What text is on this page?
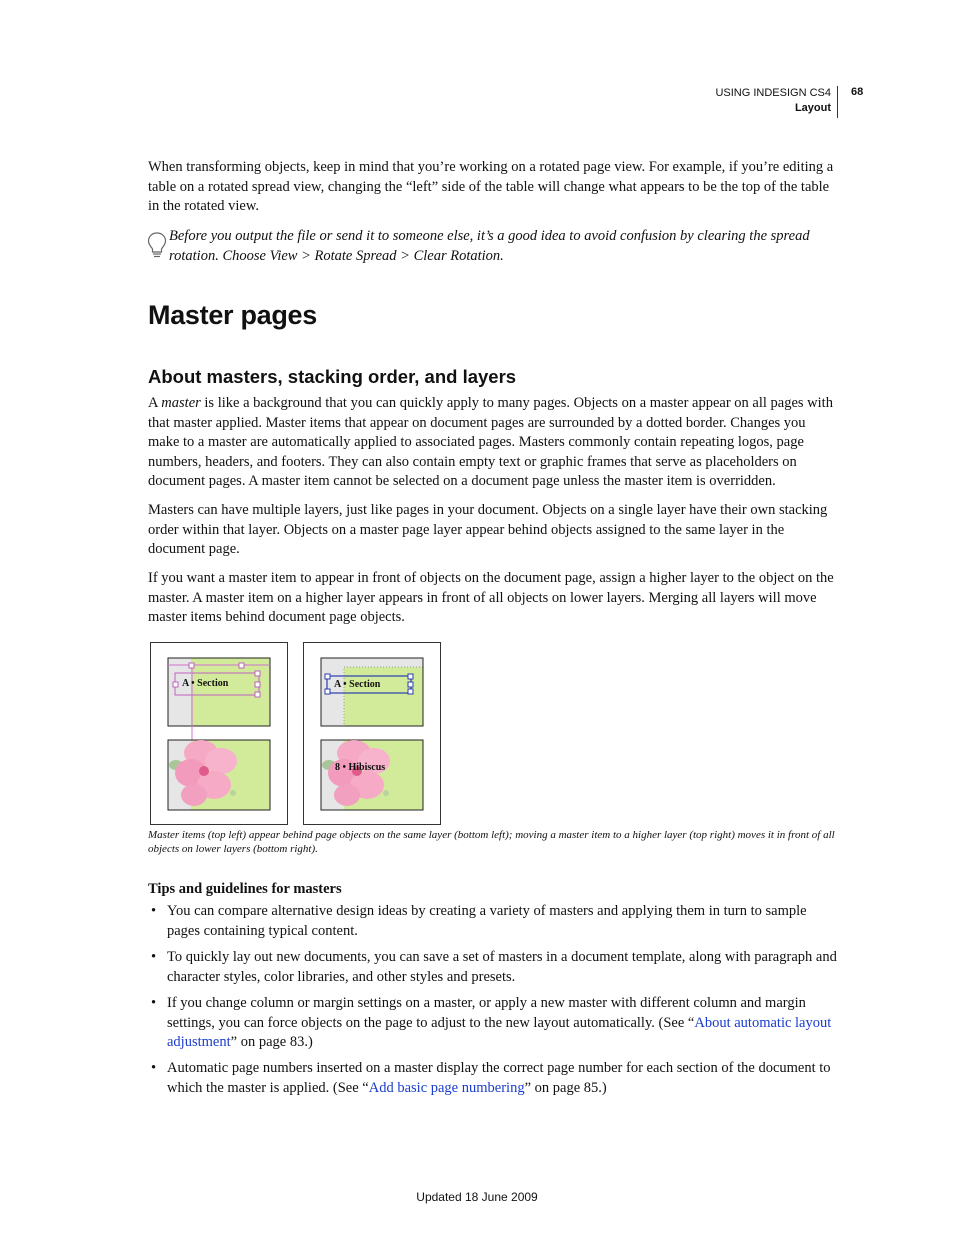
USING INDESIGN CS4
Layout
68

When transforming objects, keep in mind that you’re working on a rotated page view. For example, if you’re editing a table on a rotated spread view, changing the “left” side of the table will change what appears to be the top of the table in the rotated view.

Before you output the file or send it to someone else, it’s a good idea to avoid confusion by clearing the spread rotation. Choose View > Rotate Spread > Clear Rotation.
Master pages
About masters, stacking order, and layers

A master is like a background that you can quickly apply to many pages. Objects on a master appear on all pages with that master applied. Master items that appear on document pages are surrounded by a dotted border. Changes you make to a master are automatically applied to associated pages. Masters commonly contain repeating logos, page numbers, headers, and footers. They can also contain empty text or graphic frames that serve as placeholders on document pages. A master item cannot be selected on a document page unless the master item is overridden.

Masters can have multiple layers, just like pages in your document. Objects on a single layer have their own stacking order within that layer. Objects on a master page layer appear behind objects assigned to the same layer in the document page.

If you want a master item to appear in front of objects on the document page, assign a higher layer to the object on the master. A master item on a higher layer appears in front of all objects on lower layers. Merging all layers will move master items behind document page objects.

A • Section	A • Section
8 • Hibiscus
Master items (top left) appear behind page objects on the same layer (bottom left); moving a master item to a higher layer (top right) moves it in front of all objects on lower layers (bottom right).
Tips and guidelines for masters
• You can compare alternative design ideas by creating a variety of masters and applying them in turn to sample pages containing typical content.
• To quickly lay out new documents, you can save a set of masters in a document template, along with paragraph and character styles, color libraries, and other styles and presets.
• If you change column or margin settings on a master, or apply a new master with different column and margin settings, you can force objects on the page to adjust to the new layout automatically. (See “About automatic layout adjustment” on page 83.)
• Automatic page numbers inserted on a master display the correct page number for each section of the document to which the master is applied. (See “Add basic page numbering” on page 85.)
Updated 18 June 2009
